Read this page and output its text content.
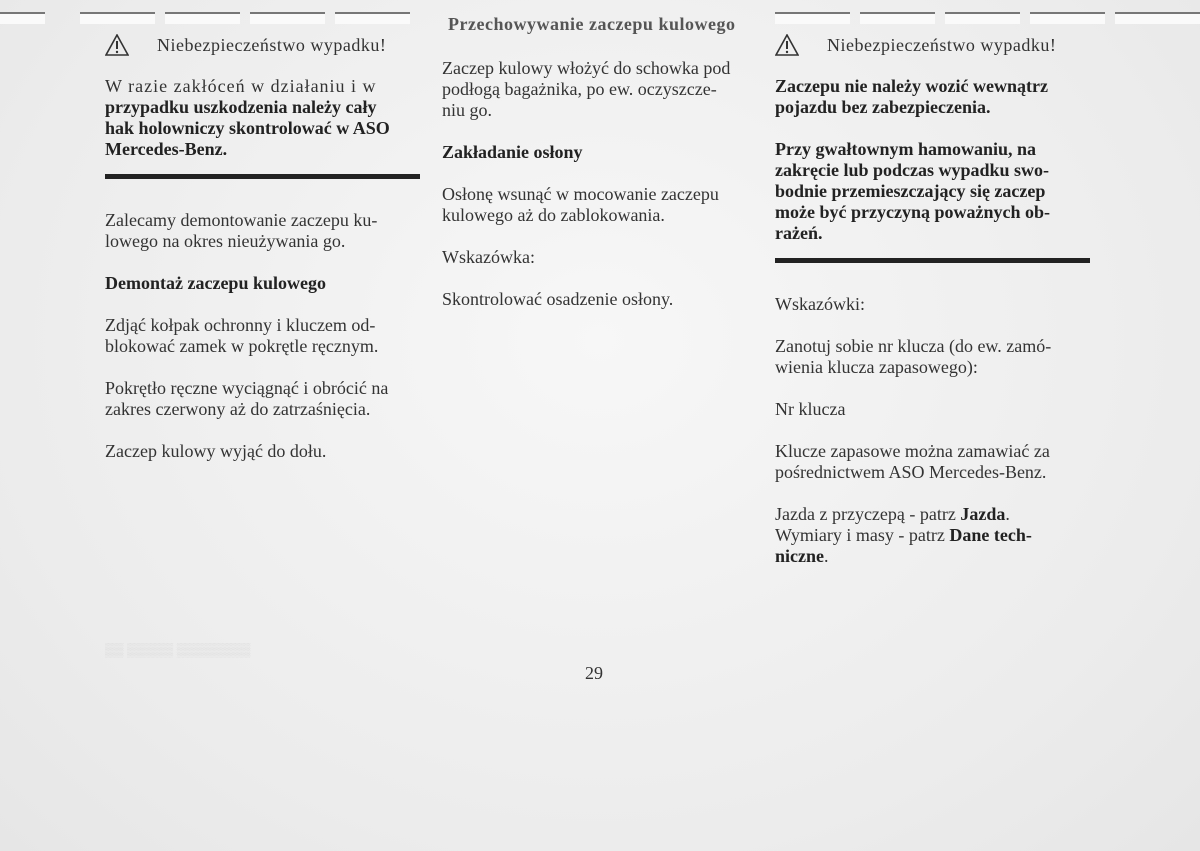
Przechowywanie zaczepu kulowego
▒▒ ▒▒▒▒▒ ▒▒▒▒▒▒▒▒
Niebezpieczeństwo wypadku!

W razie zakłóceń w działaniu i w

przypadku uszkodzenia należy cały

hak holowniczy skontrolować w ASO

Mercedes-Benz.

Zalecamy demontowanie zaczepu ku-

lowego na okres nieużywania go.

Demontaż zaczepu kulowego

Zdjąć kołpak ochronny i kluczem od-

blokować zamek w pokrętle ręcznym.

Pokrętło ręczne wyciągnąć i obrócić na

zakres czerwony aż do zatrzaśnięcia.

Zaczep kulowy wyjąć do dołu.

Zaczep kulowy włożyć do schowka pod

podłogą bagażnika, po ew. oczyszcze-

niu go.

Zakładanie osłony

Osłonę wsunąć w mocowanie zaczepu

kulowego aż do zablokowania.

Wskazówka:

Skontrolować osadzenie osłony.

Niebezpieczeństwo wypadku!

Zaczepu nie należy wozić wewnątrz

pojazdu bez zabezpieczenia.

Przy gwałtownym hamowaniu, na

zakręcie lub podczas wypadku swo-

bodnie przemieszczający się zaczep

może być przyczyną poważnych ob-

rażeń.

Wskazówki:

Zanotuj sobie nr klucza (do ew. zamó-

wienia klucza zapasowego):

Nr klucza

Klucze zapasowe można zamawiać za

pośrednictwem ASO Mercedes-Benz.

Jazda z przyczepą - patrz Jazda.

Wymiary i masy - patrz Dane tech-

niczne.

29
